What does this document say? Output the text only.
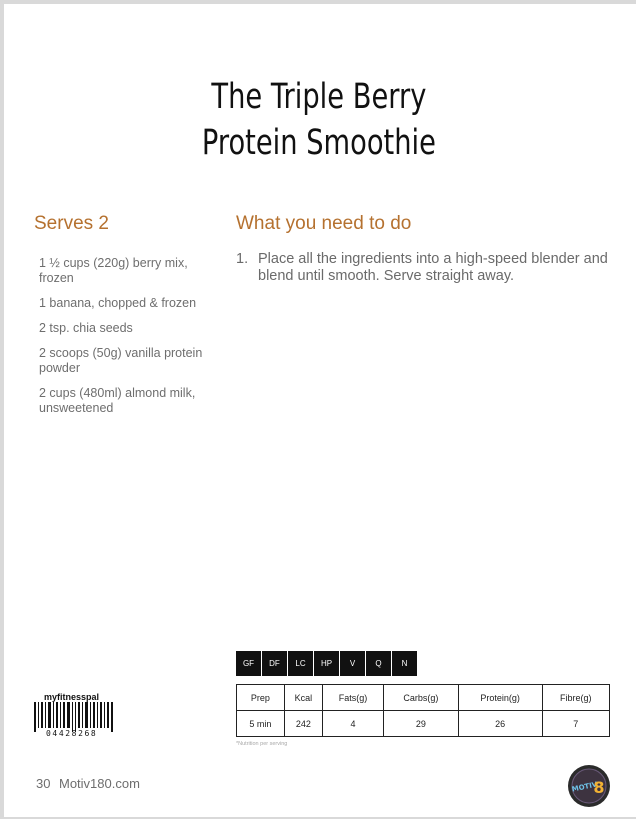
The Triple Berry
Protein Smoothie
Serves 2
1 ½ cups (220g) berry mix, frozen
1 banana, chopped & frozen
2 tsp. chia seeds
2 scoops (50g) vanilla protein powder
2 cups (480ml) almond milk, unsweetened
What you need to do
1. Place all the ingredients into a high-speed blender and blend until smooth. Serve straight away.
GF	DF	LC	HP	V	Q	N
Prep	Kcal	Fats(g)	Carbs(g)	Protein(g)	Fibre(g)
5 min	242	4	29	26	7
*Nutrition per serving
myfitnesspal
04428268
30 Motiv180.com	MOTIV
8
